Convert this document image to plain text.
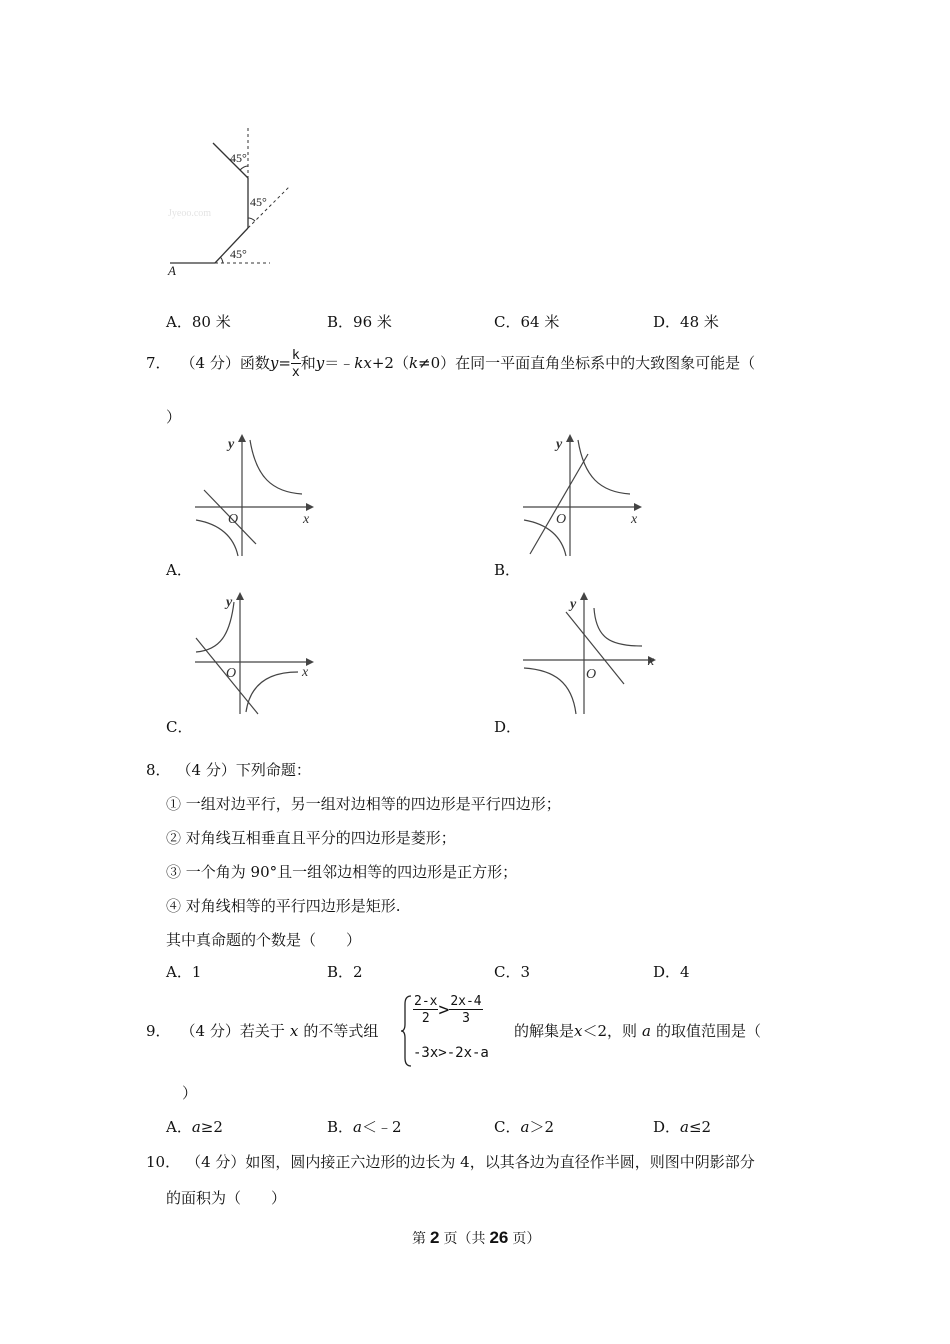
45°
45°
45°
A
Jyeoo.com
A．80 米	B．96 米	C．64 米	D．48 米
7． （4 分）函数$y= \frac{k}{x}$ 和y＝﹣kx+2（k≠0）在同一平面直角坐标系中的大致图象可能是（
）
O	x
y
A．
O	x
y
B．
O	x
y
C．
O
x
y
D．
8． （4 分）下列命题：
① 一组对边平行，另一组对边相等的四边形是平行四边形；
② 对角线互相垂直且平分的四边形是菱形；
③ 一个角为 90°且一组邻边相等的四边形是正方形；
④ 对角线相等的平行四边形是矩形.
其中真命题的个数是（　　）
A．1	B．2	C．3	D．4
9． （4 分）若关于 x 的不等式组
$\frac{2-x}{2} > \frac{2x-4}{3}$
-3x>-2x-a
的解集是x＜2，则 a 的取值范围是（
）
A．a≥2	B．a＜﹣2	C．a＞2	D．a≤2
10． （4 分）如图，圆内接正六边形的边长为 4，以其各边为直径作半圆，则图中阴影部分
的面积为（　　）
第 2 页（共 26 页）
